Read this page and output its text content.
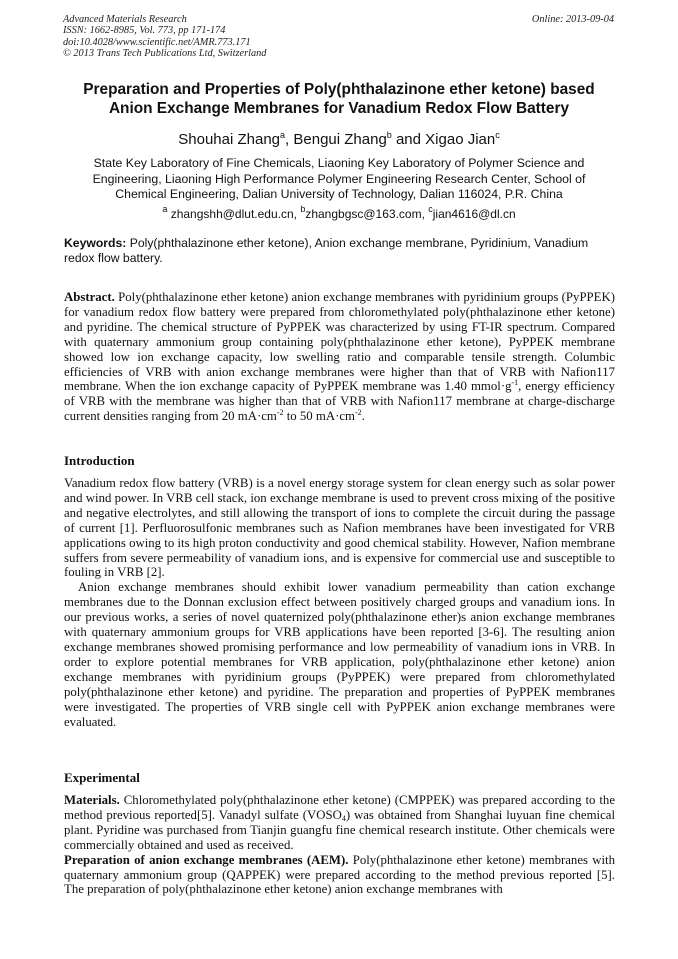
Advanced Materials Research
ISSN: 1662-8985, Vol. 773, pp 171-174
doi:10.4028/www.scientific.net/AMR.773.171
© 2013 Trans Tech Publications Ltd, Switzerland
Online: 2013-09-04
Preparation and Properties of Poly(phthalazinone ether ketone) based
Anion Exchange Membranes for Vanadium Redox Flow Battery
Shouhai Zhang$^a$, Bengui Zhang$^b$ and Xigao Jian$^c$
State Key Laboratory of Fine Chemicals, Liaoning Key Laboratory of Polymer Science and Engineering, Liaoning High Performance Polymer Engineering Research Center, School of Chemical Engineering, Dalian University of Technology, Dalian 116024, P.R. China
$^a$ zhangshh@dlut.edu.cn, $^b$zhangbgsc@163.com, $^c$jian4616@dl.cn
Keywords: Poly(phthalazinone ether ketone), Anion exchange membrane, Pyridinium, Vanadium redox flow battery.
Abstract. Poly(phthalazinone ether ketone) anion exchange membranes with pyridinium groups (PyPPEK) for vanadium redox flow battery were prepared from chloromethylated poly(phthalazinone ether ketone) and pyridine. The chemical structure of PyPPEK was characterized by using FT-IR spectrum. Compared with quaternary ammonium group containing poly(phthalazinone ether ketone), PyPPEK membrane showed low ion exchange capacity, low swelling ratio and comparable tensile strength. Columbic efficiencies of VRB with anion exchange membranes were higher than that of VRB with Nafion117 membrane. When the ion exchange capacity of PyPPEK membrane was 1.40 $mmol\cdot g^{-1}$, energy efficiency of VRB with the membrane was higher than that of VRB with Nafion117 membrane at charge-discharge current densities ranging from 20 $mA\cdot cm^{-2}$ to 50 $mA\cdot cm^{-2}$.
Introduction

Vanadium redox flow battery (VRB) is a novel energy storage system for clean energy such as solar power and wind power. In VRB cell stack, ion exchange membrane is used to prevent cross mixing of the positive and negative electrolytes, and still allowing the transport of ions to complete the circuit during the passage of current [1]. Perfluorosulfonic membranes such as Nafion membranes have been investigated for VRB applications owing to its high proton conductivity and good chemical stability. However, Nafion membrane suffers from severe permeability of vanadium ions, and is expensive for commercial use and susceptible to fouling in VRB [2].

Anion exchange membranes should exhibit lower vanadium permeability than cation exchange membranes due to the Donnan exclusion effect between positively charged groups and vanadium ions. In our previous works, a series of novel quaternized poly(phthalazinone ether)s anion exchange membranes with quaternary ammonium groups for VRB applications have been reported [3-6]. The resulting anion exchange membranes showed promising performance and low permeability of vanadium ions in VRB. In order to explore potential membranes for VRB application, poly(phthalazinone ether ketone) anion exchange membranes with pyridinium groups (PyPPEK) were prepared from chloromethylated poly(phthalazinone ether ketone) and pyridine. The preparation and properties of PyPPEK membranes were investigated. The properties of VRB single cell with PyPPEK anion exchange membranes were evaluated.

Experimental

Materials. Chloromethylated poly(phthalazinone ether ketone) (CMPPEK) was prepared according to the method previous reported[5]. Vanadyl sulfate $(VOSO_4)$ was obtained from Shanghai luyuan fine chemical plant. Pyridine was purchased from Tianjin guangfu fine chemical research institute. Other chemicals were commercially obtained and used as received.

Preparation of anion exchange membranes (AEM). Poly(phthalazinone ether ketone) membranes with quaternary ammonium group (QAPPEK) were prepared according to the method previous reported [5]. The preparation of poly(phthalazinone ether ketone) anion exchange membranes with
